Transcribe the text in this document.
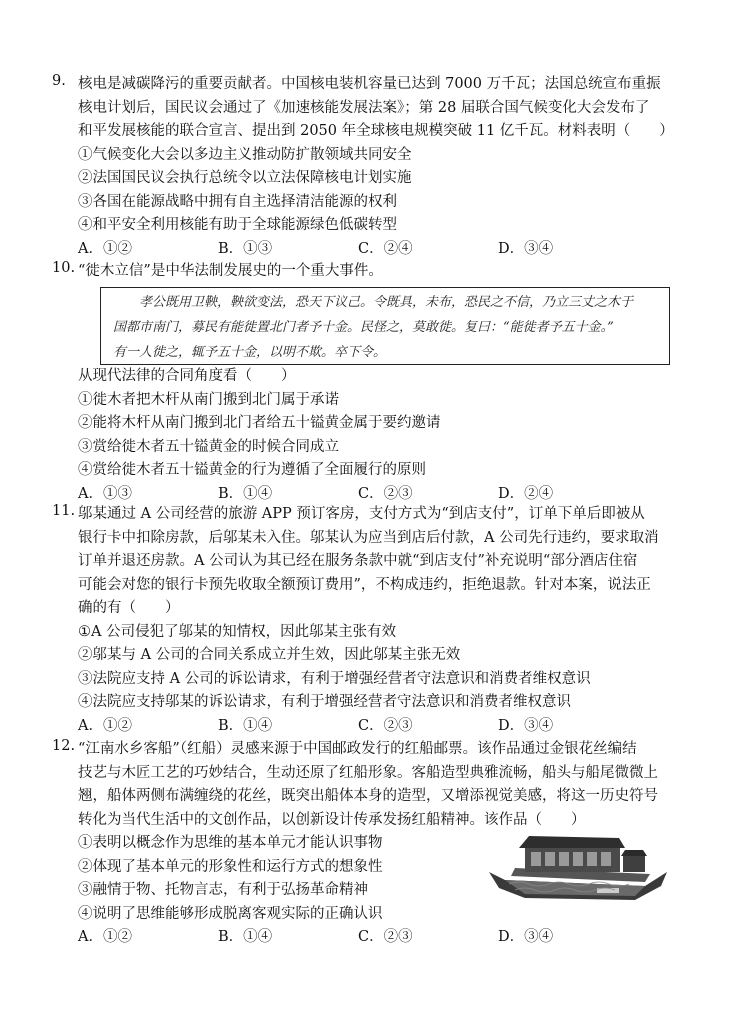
9. 核电是减碳降污的重要贡献者。中国核电装机容量已达到 7000 万千瓦；法国总统宣布重振
核电计划后，国民议会通过了《加速核能发展法案》；第 28 届联合国气候变化大会发布了
和平发展核能的联合宣言、提出到 2050 年全球核电规模突破 11 亿千瓦。材料表明（　　）
①气候变化大会以多边主义推动防扩散领域共同安全
②法国国民议会执行总统令以立法保障核电计划实施
③各国在能源战略中拥有自主选择清洁能源的权利
④和平安全利用核能有助于全球能源绿色低碳转型
A．①②	B．①③	C．②④	D．③④
10. “徙木立信”是中华法制发展史的一个重大事件。
  孝公既用卫鞅，鞅欲变法，恐天下议己。令既具，未布，恐民之不信，乃立三丈之木于
国都市南门，募民有能徙置北门者予十金。民怪之，莫敢徙。复曰：“能徙者予五十金。”
有一人徙之，辄予五十金，以明不欺。卒下令。
从现代法律的合同角度看（　　）
①徙木者把木杆从南门搬到北门属于承诺
②能将木杆从南门搬到北门者给五十镒黄金属于要约邀请
③赏给徙木者五十镒黄金的时候合同成立
④赏给徙木者五十镒黄金的行为遵循了全面履行的原则
A．①③	B．①④	C．②③	D．②④
11. 邬某通过 A 公司经营的旅游 APP 预订客房，支付方式为“到店支付”，订单下单后即被从
银行卡中扣除房款，后邬某未入住。邬某认为应当到店后付款，A 公司先行违约，要求取消
订单并退还房款。A 公司认为其已经在服务条款中就“到店支付”补充说明“部分酒店住宿
可能会对您的银行卡预先收取全额预订费用”，不构成违约，拒绝退款。针对本案，说法正
确的有（　　）
①A 公司侵犯了邬某的知情权，因此邬某主张有效
②邬某与 A 公司的合同关系成立并生效，因此邬某主张无效
③法院应支持 A 公司的诉讼请求，有利于增强经营者守法意识和消费者维权意识
④法院应支持邬某的诉讼请求，有利于增强经营者守法意识和消费者维权意识
A．①②	B．①④	C．②③	D．③④
12. “江南水乡客船”（红船）灵感来源于中国邮政发行的红船邮票。该作品通过金银花丝编结
技艺与木匠工艺的巧妙结合，生动还原了红船形象。客船造型典雅流畅，船头与船尾微微上
翘，船体两侧布满缠绕的花丝，既突出船体本身的造型，又增添视觉美感，将这一历史符号
转化为当代生活中的文创作品，以创新设计传承发扬红船精神。该作品（　　）
①表明以概念作为思维的基本单元才能认识事物
②体现了基本单元的形象性和运行方式的想象性
③融情于物、托物言志，有利于弘扬革命精神
④说明了思维能够形成脱离客观实际的正确认识
A．①②	B．①④	C．②③	D．③④
